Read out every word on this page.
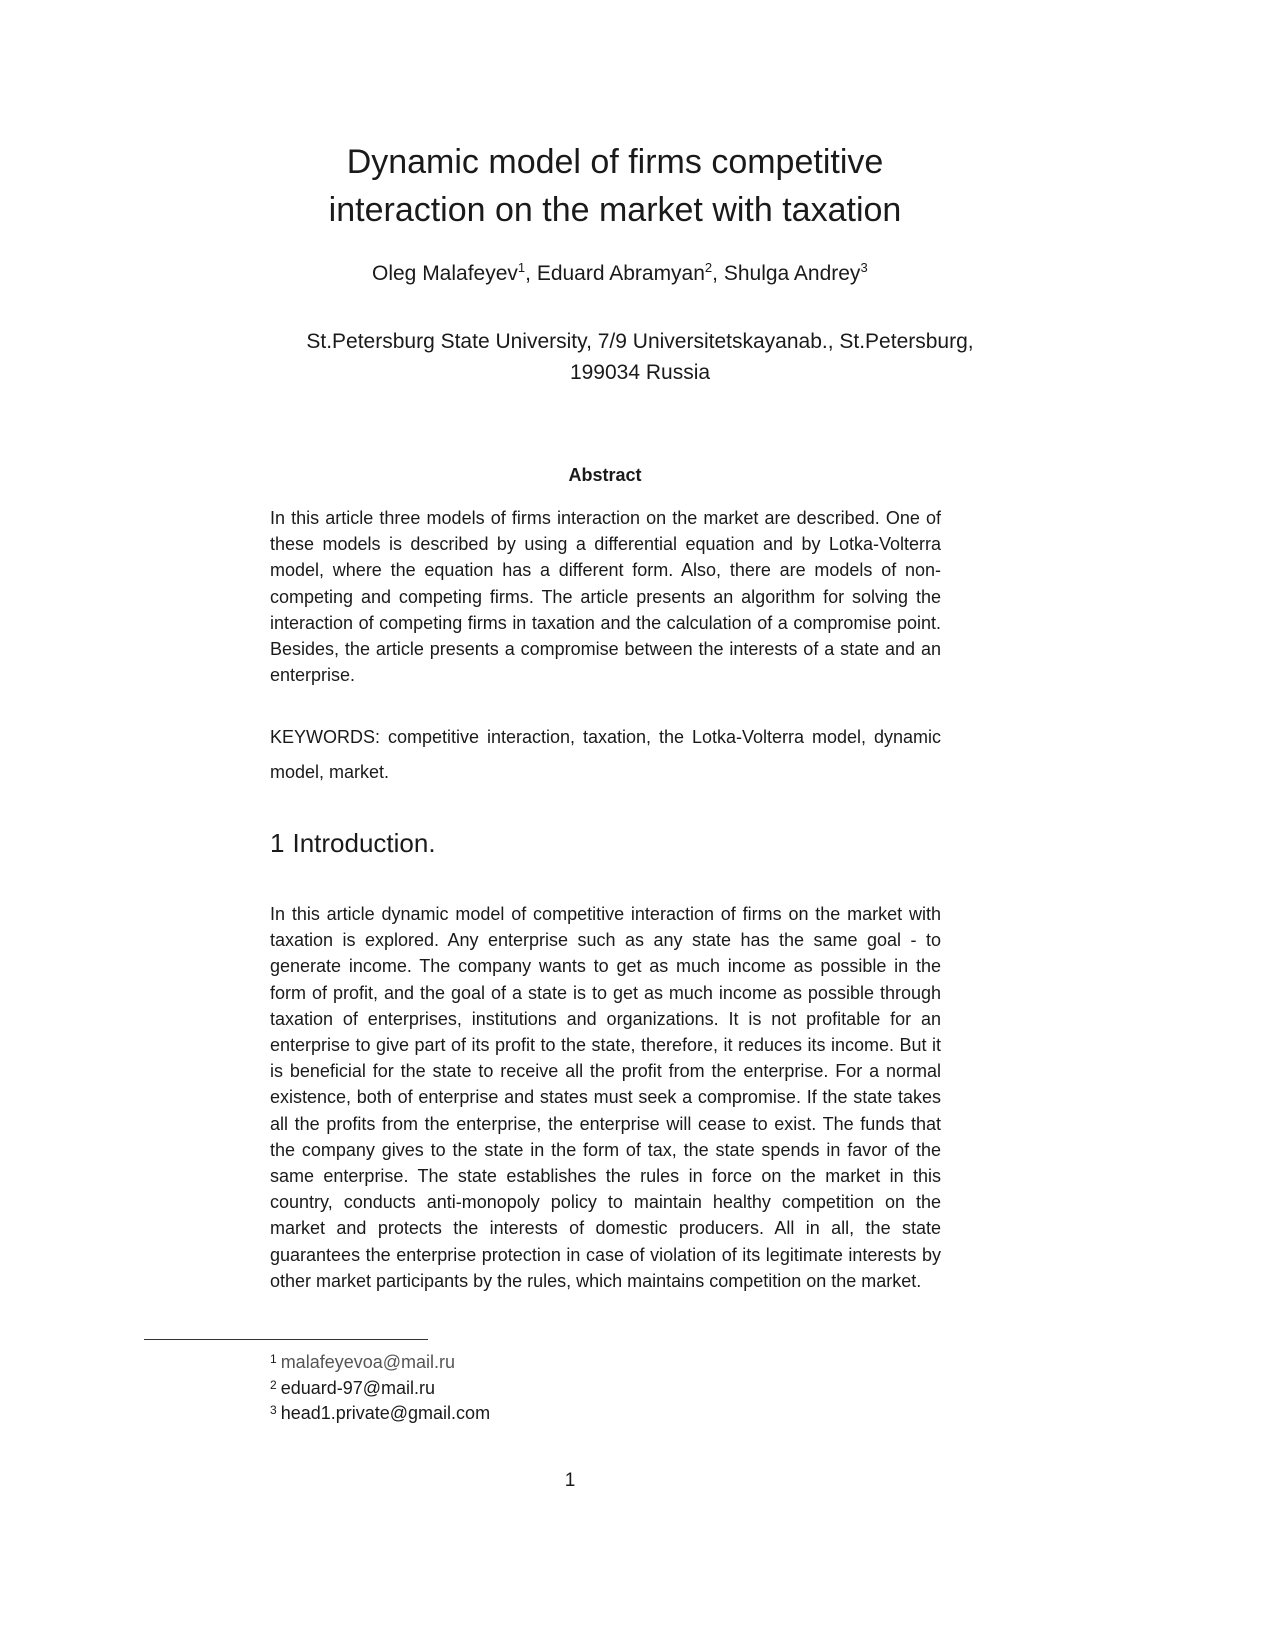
Dynamic model of firms competitive
interaction on the market with taxation

Oleg Malafeyev$^1$, Eduard Abramyan$^2$, Shulga Andrey$^3$

St.Petersburg State University, 7/9 Universitetskayanab., St.Petersburg,
199034 Russia

Abstract

In this article three models of firms interaction on the market are described. One of these models is described by using a differential equation and by Lotka-Volterra model, where the equation has a different form. Also, there are models of non-competing and competing firms. The article presents an algorithm for solving the interaction of competing firms in taxation and the calculation of a compromise point. Besides, the article presents a compromise between the interests of a state and an enterprise.

KEYWORDS: competitive interaction, taxation, the Lotka-Volterra model, dynamic model, market.

1 Introduction.

In this article dynamic model of competitive interaction of firms on the market with taxation is explored. Any enterprise such as any state has the same goal - to generate income. The company wants to get as much income as possible in the form of profit, and the goal of a state is to get as much income as possible through taxation of enterprises, institutions and organizations. It is not profitable for an enterprise to give part of its profit to the state, therefore, it reduces its income. But it is beneficial for the state to receive all the profit from the enterprise. For a normal existence, both of enterprise and states must seek a compromise. If the state takes all the profits from the enterprise, the enterprise will cease to exist. The funds that the company gives to the state in the form of tax, the state spends in favor of the same enterprise. The state establishes the rules in force on the market in this country, conducts anti-monopoly policy to maintain healthy competition on the market and protects the interests of domestic producers. All in all, the state guarantees the enterprise protection in case of violation of its legitimate interests by other market participants by the rules, which maintains competition on the market.

$^1$ malafeyevoa@mail.ru
$^2$ eduard-97@mail.ru
$^3$ head1.private@gmail.com
1
